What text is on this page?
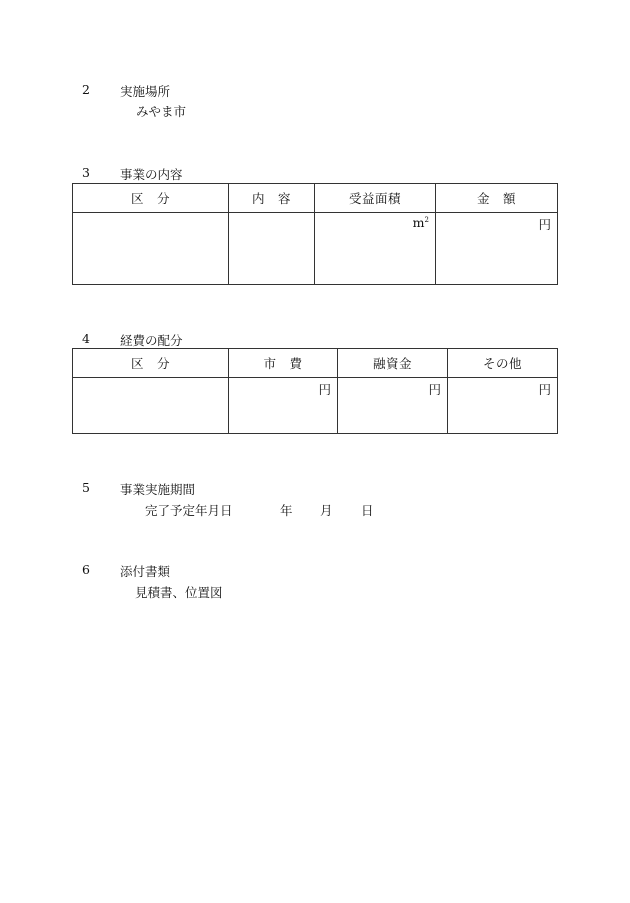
2 実施場所
みやま市
3 事業の内容
区　分	内　容	受益面積	金　額
		$m^2$	円
4 経費の配分
区　分	市　費	融資金	その他
	円	円	円
5 事業実施期間
完了予定年月日	年 月 日
6 添付書類
見積書、位置図
